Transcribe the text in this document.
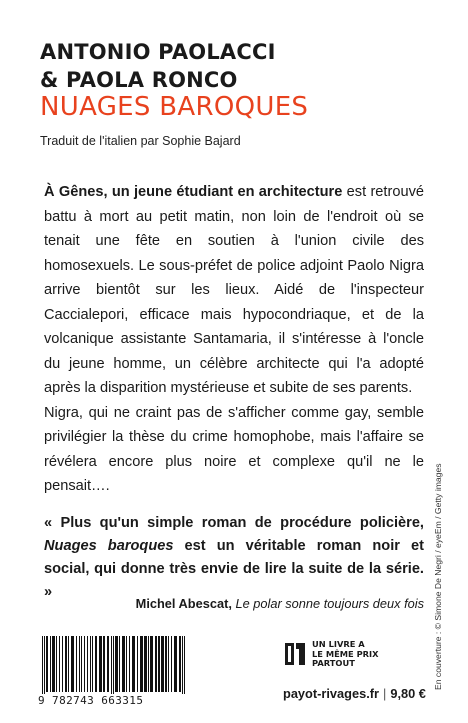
ANTONIO PAOLACCI
& PAOLA RONCO
NUAGES BAROQUES
Traduit de l'italien par Sophie Bajard

À Gênes, un jeune étudiant en architecture est retrouvé battu à mort au petit matin, non loin de l'endroit où se tenait une fête en soutien à l'union civile des homosexuels. Le sous-préfet de police adjoint Paolo Nigra arrive bientôt sur les lieux. Aidé de l'inspecteur Caccialepori, efficace mais hypocondriaque, et de la volcanique assistante Santamaria, il s'intéresse à l'oncle du jeune homme, un célèbre architecte qui l'a adopté après la disparition mystérieuse et subite de ses parents.

Nigra, qui ne craint pas de s'afficher comme gay, semble privilégier la thèse du crime homophobe, mais l'affaire se révélera encore plus noire et complexe qu'il ne le pensait….

« Plus qu'un simple roman de procédure policière, Nuages baroques est un véritable roman noir et social, qui donne très envie de lire la suite de la série. »
Michel Abescat, Le polar sonne toujours deux fois En couverture : © Simone De Negri / eyeEm / Getty images
9 782743 663315
UN LIVRE A
LE MÊME PRIX
PARTOUT
payot-rivages.fr | 9,80 €
